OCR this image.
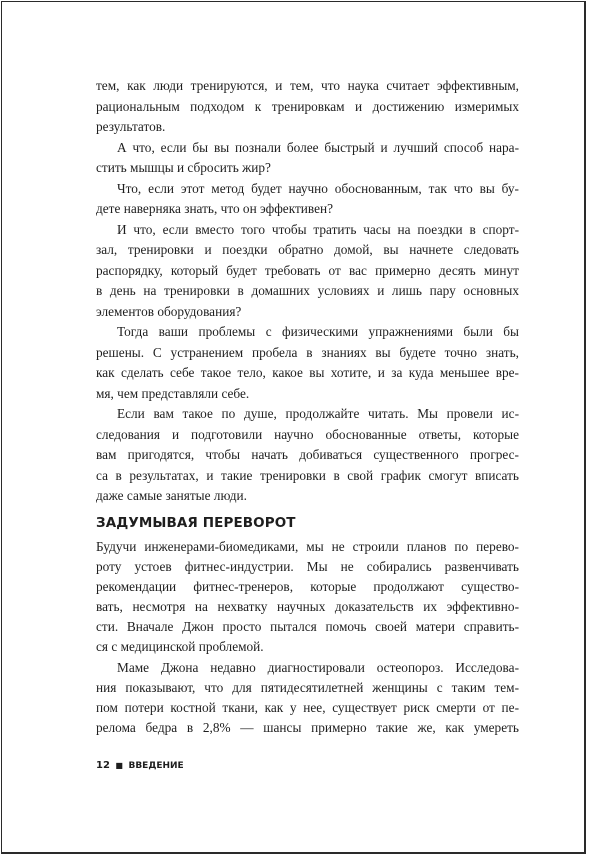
тем, как люди тренируются, и тем, что наука считает эффективным,
рациональным подходом к тренировкам и достижению измеримых
результатов.
А что, если бы вы познали более быстрый и лучший способ нара-
стить мышцы и сбросить жир?
Что, если этот метод будет научно обоснованным, так что вы бу-
дете наверняка знать, что он эффективен?
И что, если вместо того чтобы тратить часы на поездки в спорт-
зал, тренировки и поездки обратно домой, вы начнете следовать
распорядку, который будет требовать от вас примерно десять минут
в день на тренировки в домашних условиях и лишь пару основных
элементов оборудования?
Тогда ваши проблемы с физическими упражнениями были бы
решены. С устранением пробела в знаниях вы будете точно знать,
как сделать себе такое тело, какое вы хотите, и за куда меньшее вре-
мя, чем представляли себе.
Если вам такое по душе, продолжайте читать. Мы провели ис-
следования и подготовили научно обоснованные ответы, которые
вам пригодятся, чтобы начать добиваться существенного прогрес-
са в результатах, и такие тренировки в свой график смогут вписать
даже самые занятые люди.
ЗАДУМЫВАЯ ПЕРЕВОРОТ
Будучи инженерами-биомедиками, мы не строили планов по перево-
роту устоев фитнес-индустрии. Мы не собирались развенчивать
рекомендации фитнес-тренеров, которые продолжают существо-
вать, несмотря на нехватку научных доказательств их эффективно-
сти. Вначале Джон просто пытался помочь своей матери справить-
ся с медицинской проблемой.
Маме Джона недавно диагностировали остеопороз. Исследова-
ния показывают, что для пятидесятилетней женщины с таким тем-
пом потери костной ткани, как у нее, существует риск смерти от пе-
релома бедра в 2,8% — шансы примерно такие же, как умереть
12 ■ ВВЕДЕНИЕ
